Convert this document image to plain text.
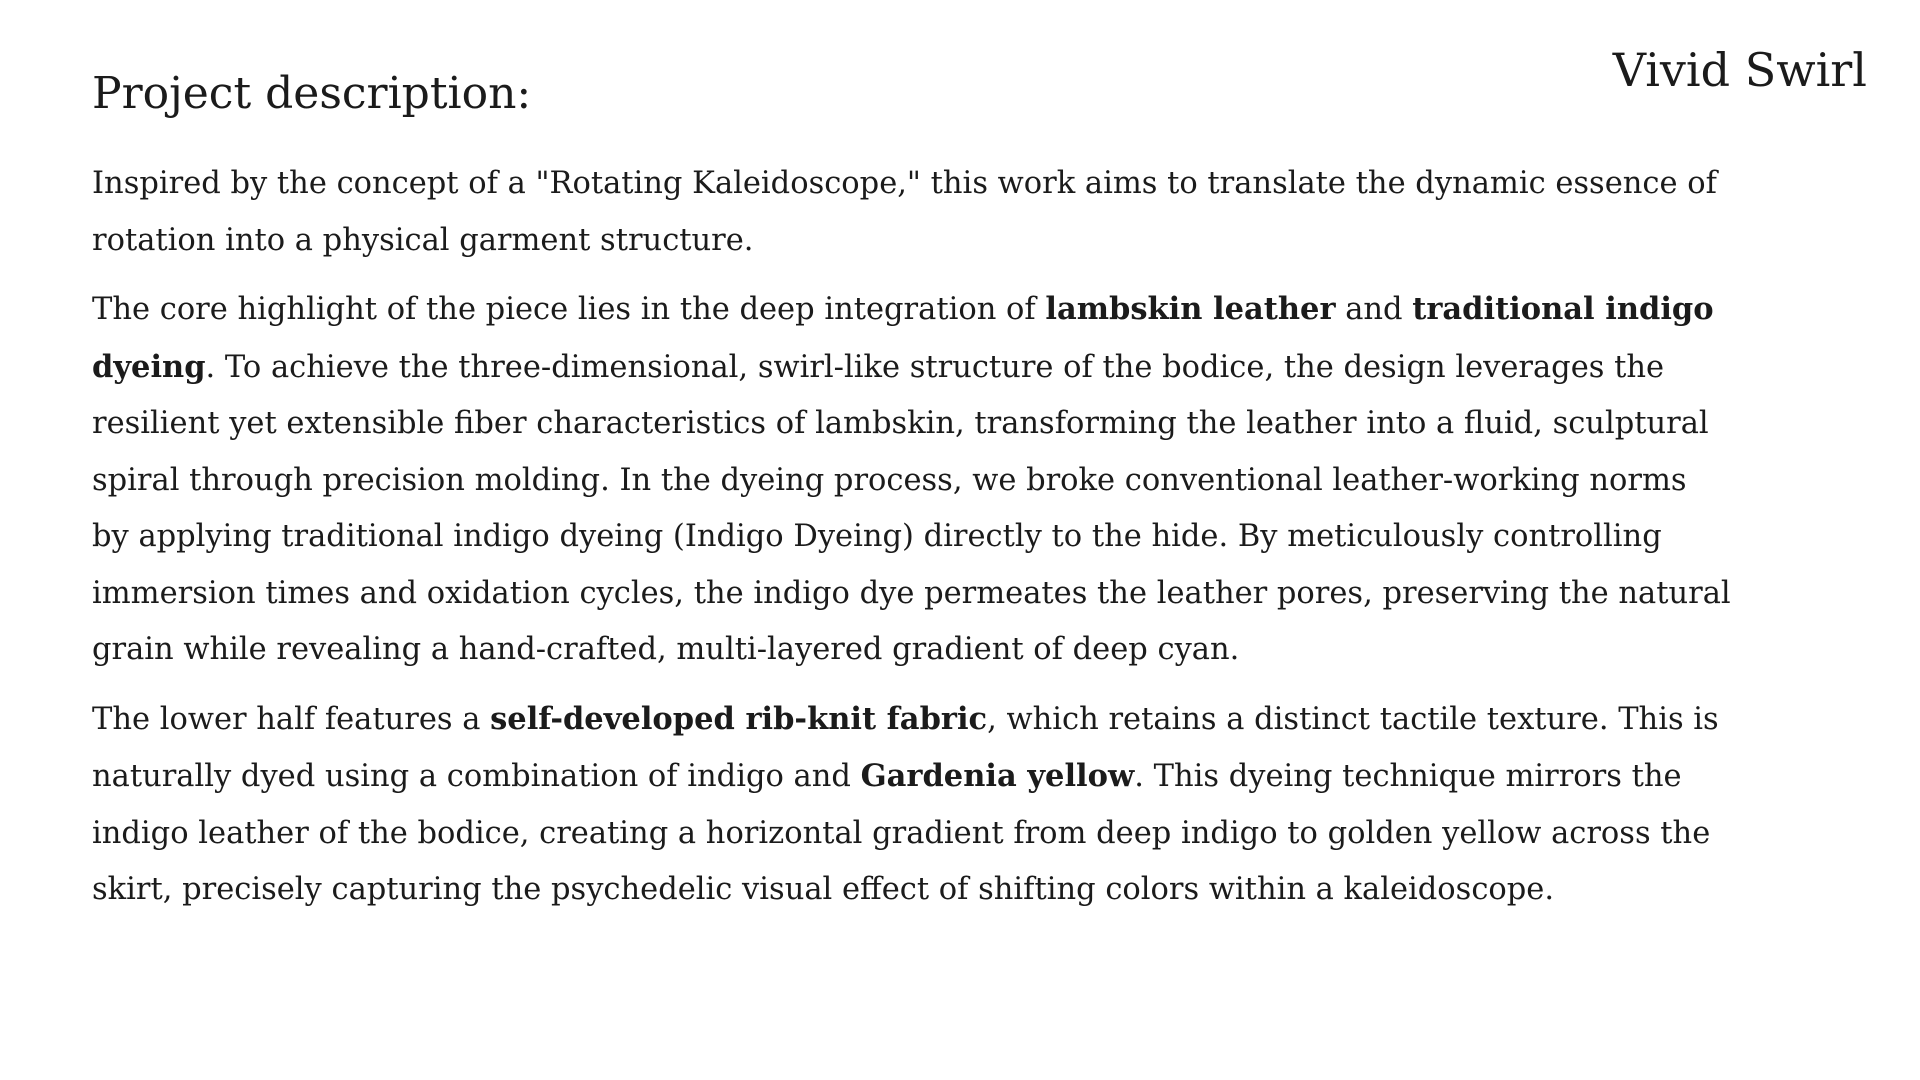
Vivid Swirl
Project description:

Inspired by the concept of a "Rotating Kaleidoscope," this work aims to translate the dynamic essence of rotation into a physical garment structure.

The core highlight of the piece lies in the deep integration of lambskin leather and traditional indigo dyeing. To achieve the three-dimensional, swirl-like structure of the bodice, the design leverages the resilient yet extensible fiber characteristics of lambskin, transforming the leather into a fluid, sculptural spiral through precision molding. In the dyeing process, we broke conventional leather-working norms by applying traditional indigo dyeing (Indigo Dyeing) directly to the hide. By meticulously controlling immersion times and oxidation cycles, the indigo dye permeates the leather pores, preserving the natural grain while revealing a hand-crafted, multi-layered gradient of deep cyan.

The lower half features a self-developed rib-knit fabric, which retains a distinct tactile texture. This is naturally dyed using a combination of indigo and Gardenia yellow. This dyeing technique mirrors the indigo leather of the bodice, creating a horizontal gradient from deep indigo to golden yellow across the skirt, precisely capturing the psychedelic visual effect of shifting colors within a kaleidoscope.
